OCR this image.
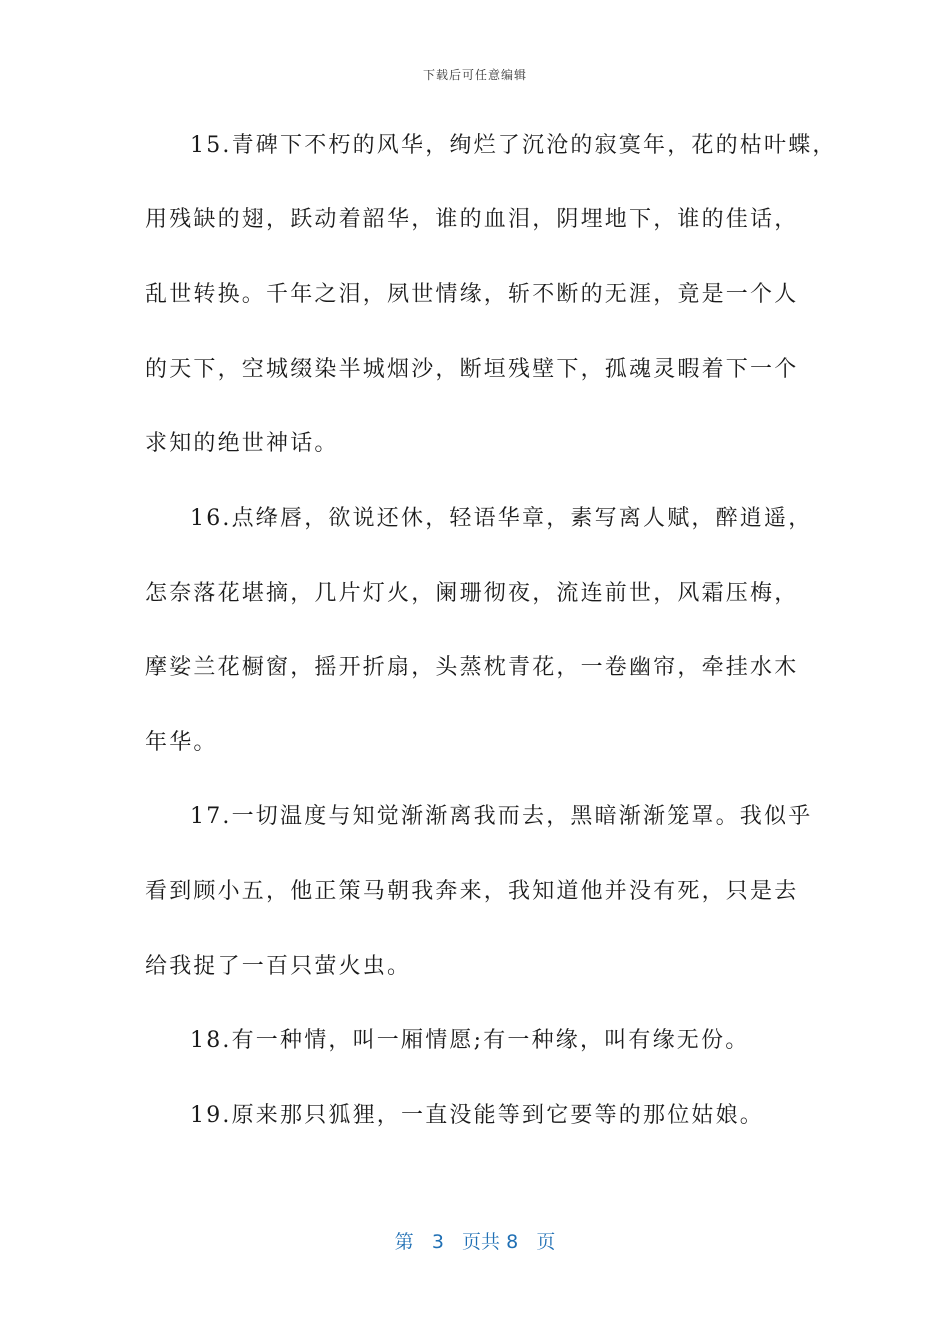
下载后可任意编辑
15.青碑下不朽的风华，绚烂了沉沧的寂寞年，花的枯叶蝶，
用残缺的翅，跃动着韶华，谁的血泪，阴埋地下，谁的佳话，
乱世转换。千年之泪，夙世情缘，斩不断的无涯，竟是一个人
的天下，空城缀染半城烟沙，断垣残壁下，孤魂灵暇着下一个
求知的绝世神话。
16.点绛唇，欲说还休，轻语华章，素写离人赋，醉逍遥，
怎奈落花堪摘，几片灯火，阑珊彻夜，流连前世，风霜压梅，
摩娑兰花橱窗，摇开折扇，头蒸枕青花，一卷幽帘，牵挂水木
年华。
17.一切温度与知觉渐渐离我而去，黑暗渐渐笼罩。我似乎
看到顾小五，他正策马朝我奔来，我知道他并没有死，只是去
给我捉了一百只萤火虫。
18.有一种情，叫一厢情愿;有一种缘，叫有缘无份。
19.原来那只狐狸，一直没能等到它要等的那位姑娘。
第 3 页共 8 页
